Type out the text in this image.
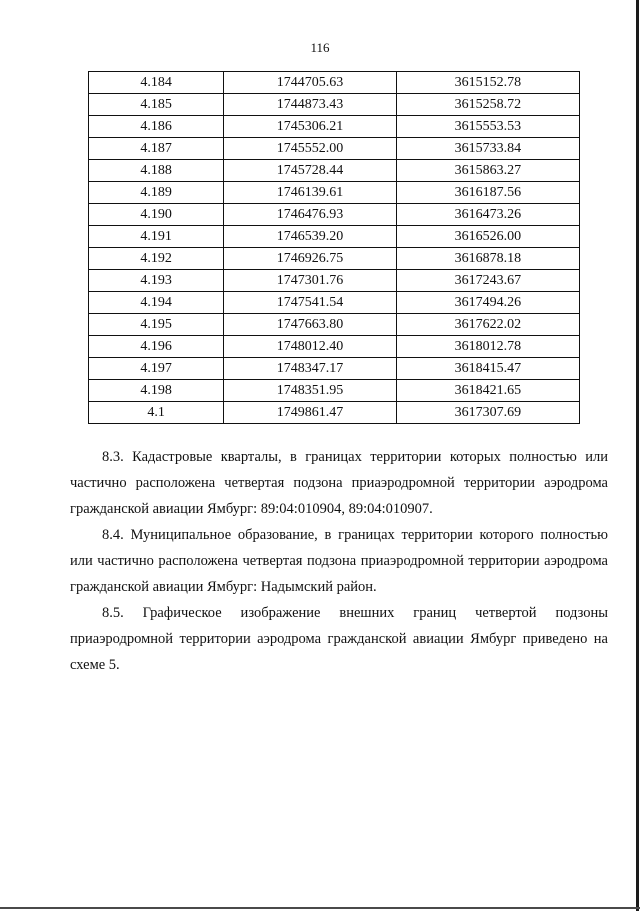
116
4.184	1744705.63	3615152.78
4.185	1744873.43	3615258.72
4.186	1745306.21	3615553.53
4.187	1745552.00	3615733.84
4.188	1745728.44	3615863.27
4.189	1746139.61	3616187.56
4.190	1746476.93	3616473.26
4.191	1746539.20	3616526.00
4.192	1746926.75	3616878.18
4.193	1747301.76	3617243.67
4.194	1747541.54	3617494.26
4.195	1747663.80	3617622.02
4.196	1748012.40	3618012.78
4.197	1748347.17	3618415.47
4.198	1748351.95	3618421.65
4.1	1749861.47	3617307.69

8.3. Кадастровые кварталы, в границах территории которых полностью или частично расположена четвертая подзона приаэродромной территории аэродрома гражданской авиации Ямбург: 89:04:010904, 89:04:010907.

8.4. Муниципальное образование, в границах территории которого полностью или частично расположена четвертая подзона приаэродромной территории аэродрома гражданской авиации Ямбург: Надымский район.

8.5. Графическое изображение внешних границ четвертой подзоны приаэродромной территории аэродрома гражданской авиации Ямбург приведено на схеме 5.
